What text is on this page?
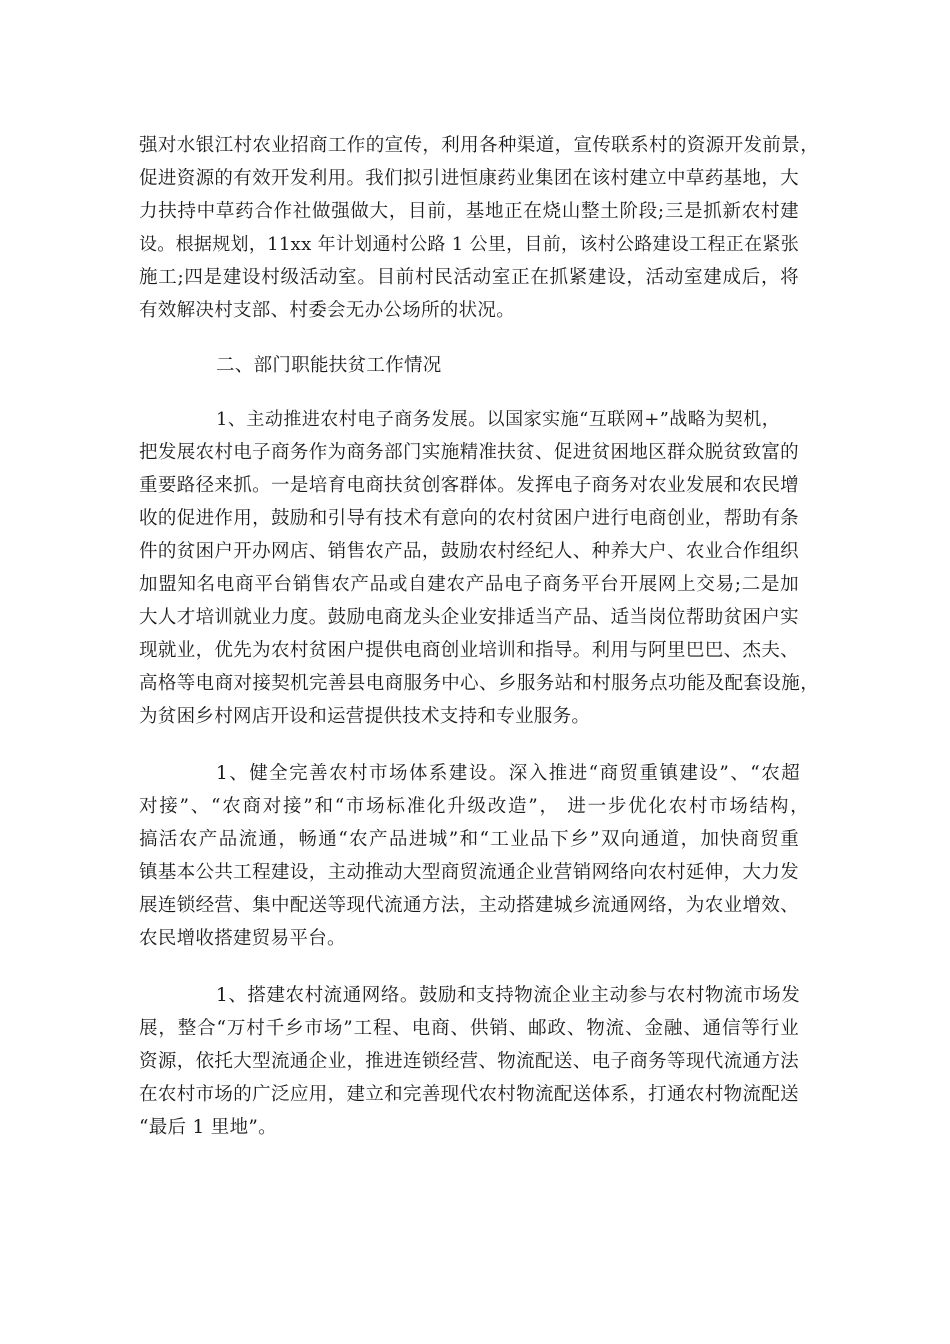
强对水银江村农业招商工作的宣传，利用各种渠道，宣传联系村的资源开发前景，
促进资源的有效开发利用。我们拟引进恒康药业集团在该村建立中草药基地，大
力扶持中草药合作社做强做大，目前，基地正在烧山整土阶段;三是抓新农村建
设。根据规划，11xx 年计划通村公路 1 公里，目前，该村公路建设工程正在紧张
施工;四是建设村级活动室。目前村民活动室正在抓紧建设，活动室建成后，将
有效解决村支部、村委会无办公场所的状况。
二、部门职能扶贫工作情况
1、主动推进农村电子商务发展。以国家实施“互联网+”战略为契机，
把发展农村电子商务作为商务部门实施精准扶贫、促进贫困地区群众脱贫致富的
重要路径来抓。一是培育电商扶贫创客群体。发挥电子商务对农业发展和农民增
收的促进作用，鼓励和引导有技术有意向的农村贫困户进行电商创业，帮助有条
件的贫困户开办网店、销售农产品，鼓励农村经纪人、种养大户、农业合作组织
加盟知名电商平台销售农产品或自建农产品电子商务平台开展网上交易;二是加
大人才培训就业力度。鼓励电商龙头企业安排适当产品、适当岗位帮助贫困户实
现就业，优先为农村贫困户提供电商创业培训和指导。利用与阿里巴巴、杰夫、
高格等电商对接契机完善县电商服务中心、乡服务站和村服务点功能及配套设施，
为贫困乡村网店开设和运营提供技术支持和专业服务。
1、健全完善农村市场体系建设。深入推进“商贸重镇建设”、“农超
对接”、“农商对接”和“市场标准化升级改造”， 进一步优化农村市场结构，
搞活农产品流通，畅通“农产品进城”和“工业品下乡”双向通道，加快商贸重
镇基本公共工程建设，主动推动大型商贸流通企业营销网络向农村延伸，大力发
展连锁经营、集中配送等现代流通方法，主动搭建城乡流通网络，为农业增效、
农民增收搭建贸易平台。
1、搭建农村流通网络。鼓励和支持物流企业主动参与农村物流市场发
展，整合“万村千乡市场”工程、电商、供销、邮政、物流、金融、通信等行业
资源，依托大型流通企业，推进连锁经营、物流配送、电子商务等现代流通方法
在农村市场的广泛应用，建立和完善现代农村物流配送体系，打通农村物流配送
“最后 1 里地”。
